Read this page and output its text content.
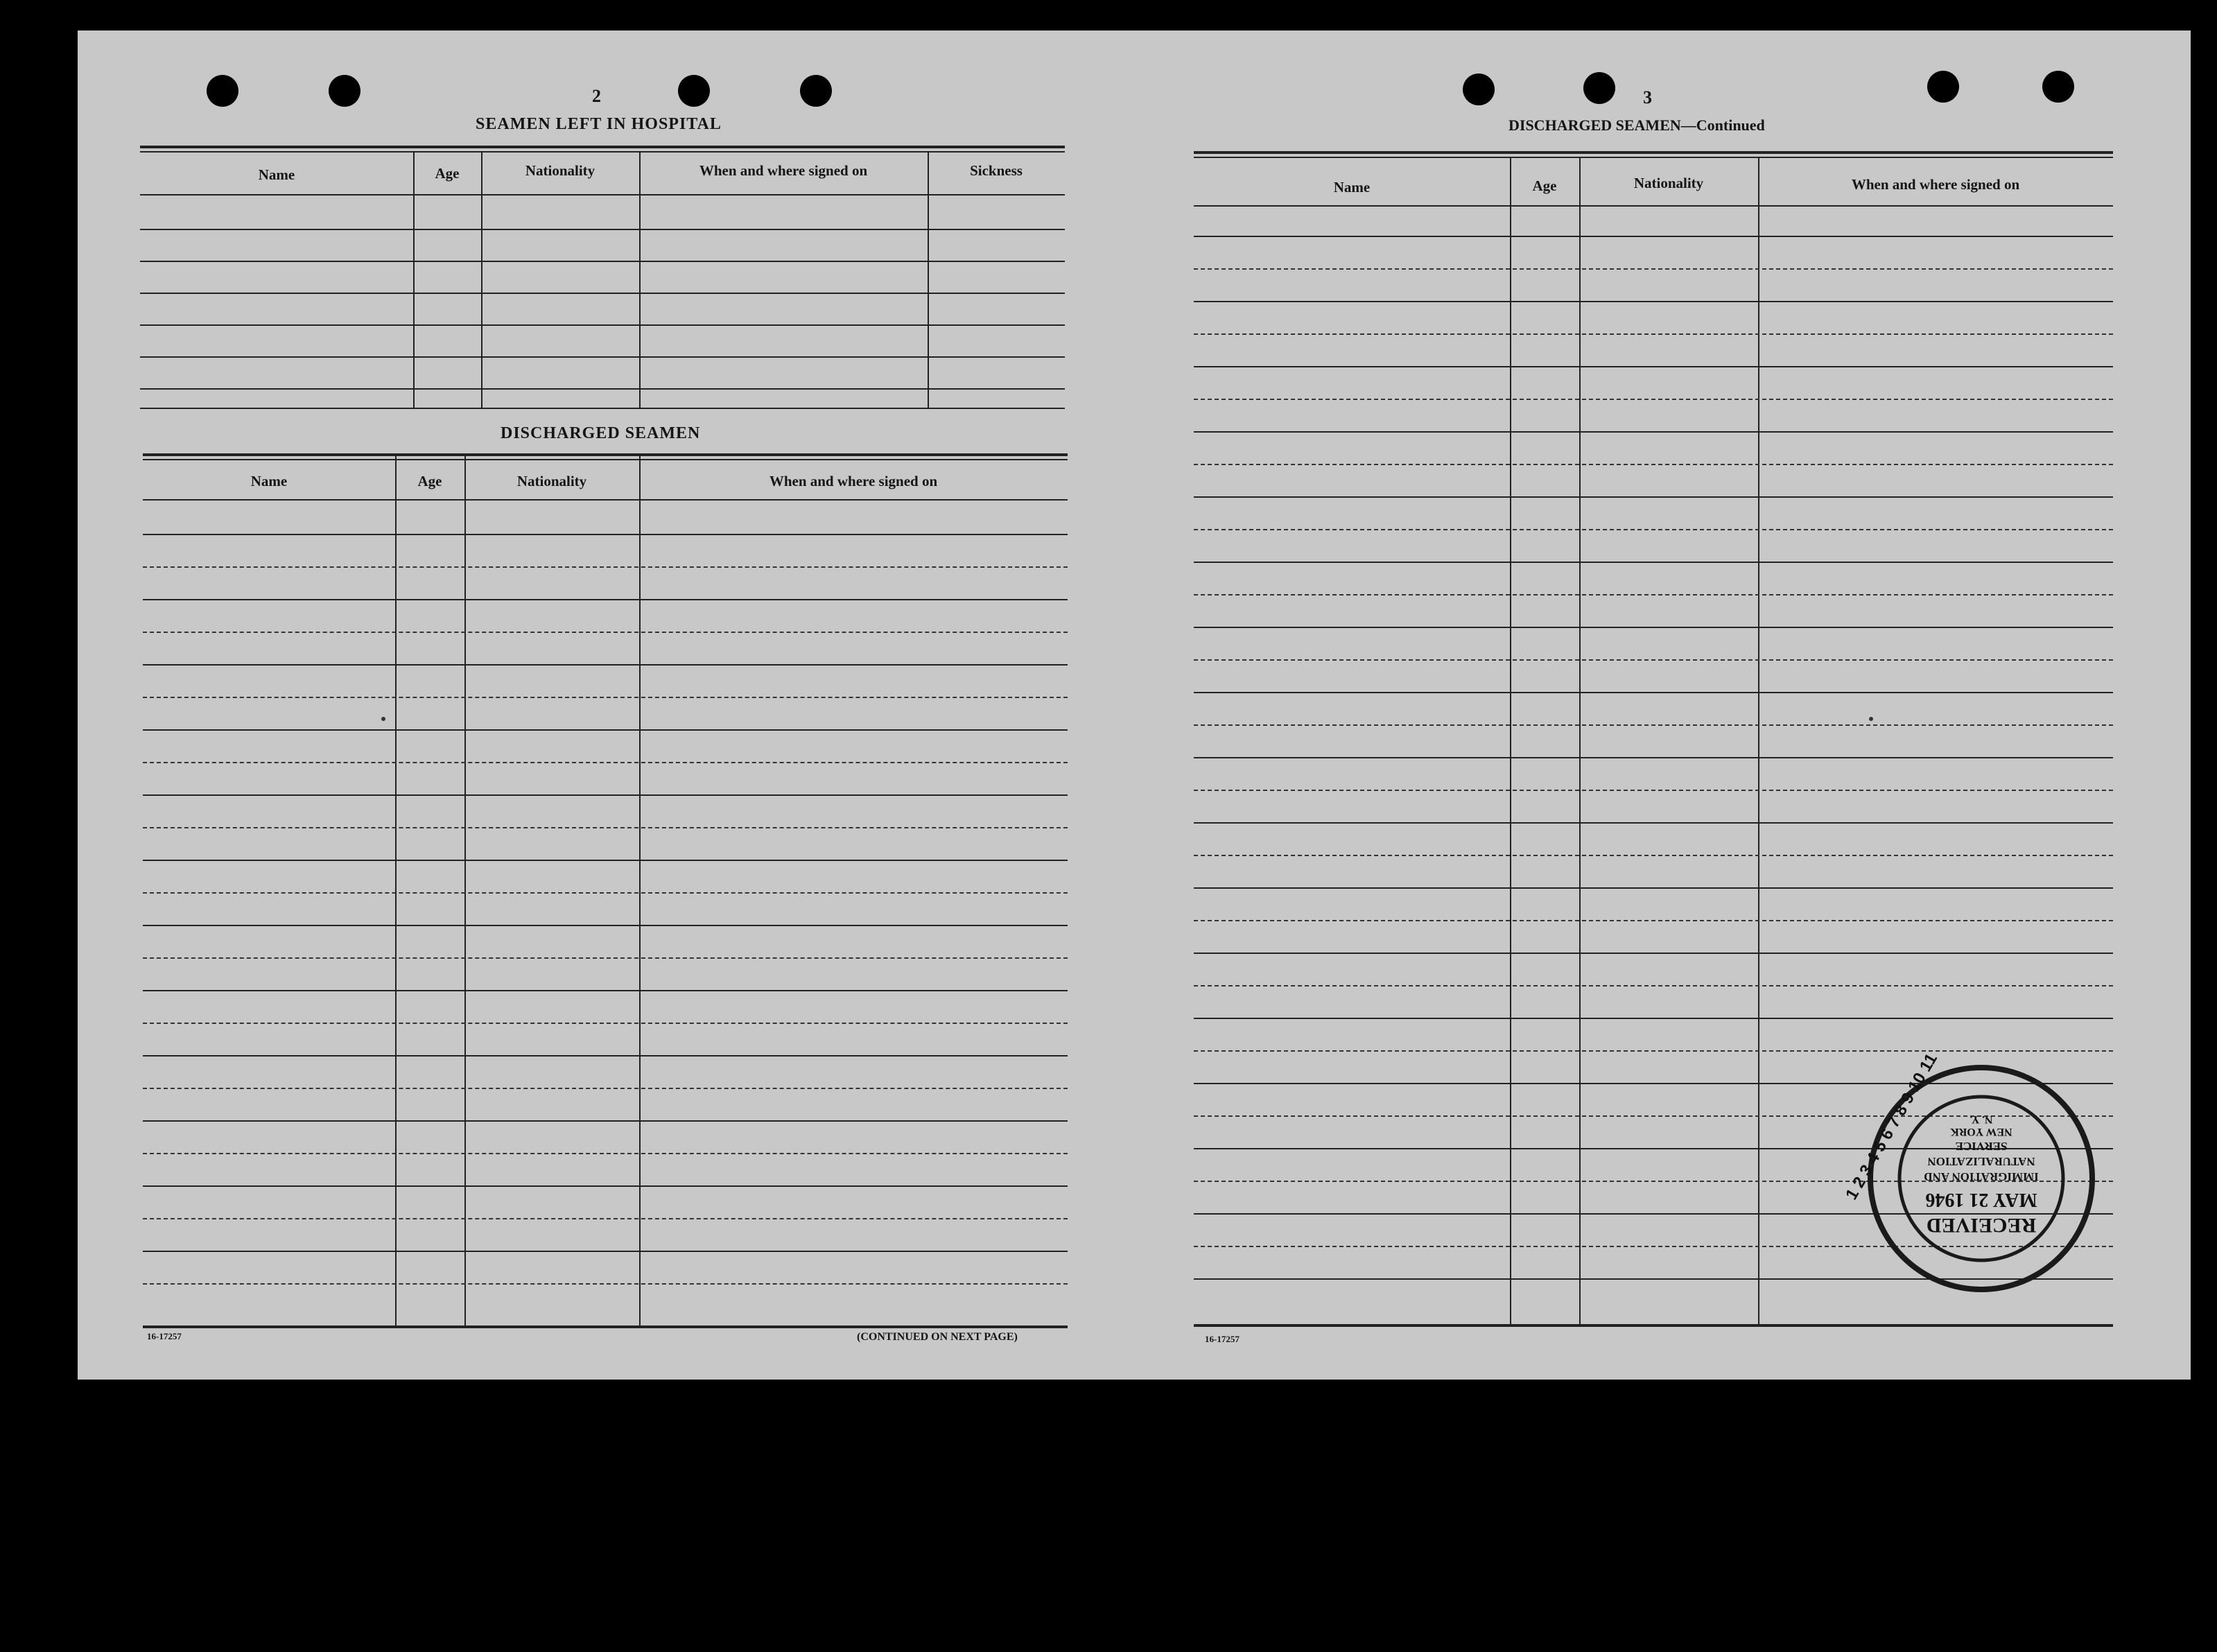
2
SEAMEN LEFT IN HOSPITAL
Name	Age	Nationality	When and where signed on	Sickness
DISCHARGED SEAMEN
Name	Age	Nationality	When and where signed on
16-17257	(CONTINUED ON NEXT PAGE)
3
DISCHARGED SEAMEN—Continued
Name	Age	Nationality	When and where signed on
16-17257
RECEIVED
MAY 21 1946
IMMIGRATION AND
NATURALIZATION
SERVICE
NEW YORK
N. Y.
1 2 3 4 5 6 7 8 9 10 11
